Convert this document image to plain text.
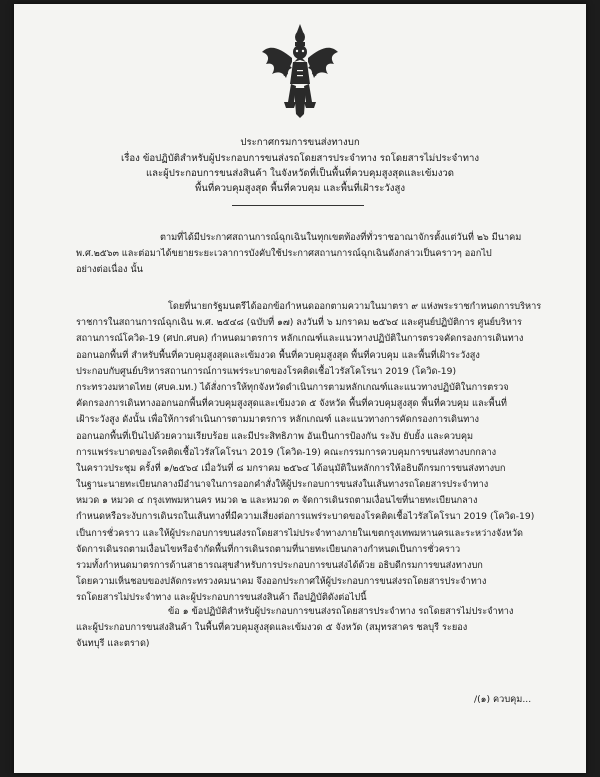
ประกาศกรมการขนส่งทางบก
เรื่อง ข้อปฏิบัติสำหรับผู้ประกอบการขนส่งรถโดยสารประจำทาง รถโดยสารไม่ประจำทาง
และผู้ประกอบการขนส่งสินค้า ในจังหวัดที่เป็นพื้นที่ควบคุมสูงสุดและเข้มงวด
พื้นที่ควบคุมสูงสุด พื้นที่ควบคุม และพื้นที่เฝ้าระวังสูง
ตามที่ได้มีประกาศสถานการณ์ฉุกเฉินในทุกเขตท้องที่ทั่วราชอาณาจักรตั้งแต่วันที่ ๒๖ มีนาคม
พ.ศ.๒๕๖๓ และต่อมาได้ขยายระยะเวลาการบังคับใช้ประกาศสถานการณ์ฉุกเฉินดังกล่าวเป็นคราวๆ ออกไป
อย่างต่อเนื่อง นั้น
โดยที่นายกรัฐมนตรีได้ออกข้อกำหนดออกตามความในมาตรา ๙ แห่งพระราชกำหนดการบริหาร
ราชการในสถานการณ์ฉุกเฉิน พ.ศ. ๒๕๔๘ (ฉบับที่ ๑๗) ลงวันที่ ๖ มกราคม ๒๕๖๔ และศูนย์ปฏิบัติการ ศูนย์บริหาร
สถานการณ์โควิด-19 (ศปก.ศบค) กำหนดมาตรการ หลักเกณฑ์และแนวทางปฏิบัติในการตรวจคัดกรองการเดินทาง
ออกนอกพื้นที่ สำหรับพื้นที่ควบคุมสูงสุดและเข้มงวด พื้นที่ควบคุมสูงสุด พื้นที่ควบคุม และพื้นที่เฝ้าระวังสูง
ประกอบกับศูนย์บริหารสถานการณ์การแพร่ระบาดของโรคติดเชื้อไวรัสโคโรนา 2019 (โควิด-19)
กระทรวงมหาดไทย (ศบค.มท.) ได้สั่งการให้ทุกจังหวัดดำเนินการตามหลักเกณฑ์และแนวทางปฏิบัติในการตรวจ
คัดกรองการเดินทางออกนอกพื้นที่ควบคุมสูงสุดและเข้มงวด ๕ จังหวัด พื้นที่ควบคุมสูงสุด พื้นที่ควบคุม และพื้นที่
เฝ้าระวังสูง ดังนั้น เพื่อให้การดำเนินการตามมาตรการ หลักเกณฑ์ และแนวทางการคัดกรองการเดินทาง
ออกนอกพื้นที่เป็นไปด้วยความเรียบร้อย และมีประสิทธิภาพ อันเป็นการป้องกัน ระงับ ยับยั้ง และควบคุม
การแพร่ระบาดของโรคติดเชื้อไวรัสโคโรนา 2019 (โควิด-19) คณะกรรมการควบคุมการขนส่งทางบกกลาง
ในคราวประชุม ครั้งที่ ๑/๒๕๖๔ เมื่อวันที่ ๘ มกราคม ๒๕๖๔ ได้อนุมัติในหลักการให้อธิบดีกรมการขนส่งทางบก
ในฐานะนายทะเบียนกลางมีอำนาจในการออกคำสั่งให้ผู้ประกอบการขนส่งในเส้นทางรถโดยสารประจำทาง
หมวด ๑ หมวด ๔ กรุงเทพมหานคร หมวด ๒ และหมวด ๓ จัดการเดินรถตามเงื่อนไขที่นายทะเบียนกลาง
กำหนดหรือระงับการเดินรถในเส้นทางที่มีความเสี่ยงต่อการแพร่ระบาดของโรคติดเชื้อไวรัสโคโรนา 2019 (โควิด-19)
เป็นการชั่วคราว และให้ผู้ประกอบการขนส่งรถโดยสารไม่ประจำทางภายในเขตกรุงเทพมหานครและระหว่างจังหวัด
จัดการเดินรถตามเงื่อนไขหรือจำกัดพื้นที่การเดินรถตามที่นายทะเบียนกลางกำหนดเป็นการชั่วคราว
รวมทั้งกำหนดมาตรการด้านสาธารณสุขสำหรับการประกอบการขนส่งได้ด้วย อธิบดีกรมการขนส่งทางบก
โดยความเห็นชอบของปลัดกระทรวงคมนาคม จึงออกประกาศให้ผู้ประกอบการขนส่งรถโดยสารประจำทาง
รถโดยสารไม่ประจำทาง และผู้ประกอบการขนส่งสินค้า ถือปฏิบัติดังต่อไปนี้
ข้อ ๑ ข้อปฏิบัติสำหรับผู้ประกอบการขนส่งรถโดยสารประจำทาง รถโดยสารไม่ประจำทาง
และผู้ประกอบการขนส่งสินค้า ในพื้นที่ควบคุมสูงสุดและเข้มงวด ๕ จังหวัด (สมุทรสาคร ชลบุรี ระยอง
จันทบุรี และตราด)
/(๑) ควบคุม...
